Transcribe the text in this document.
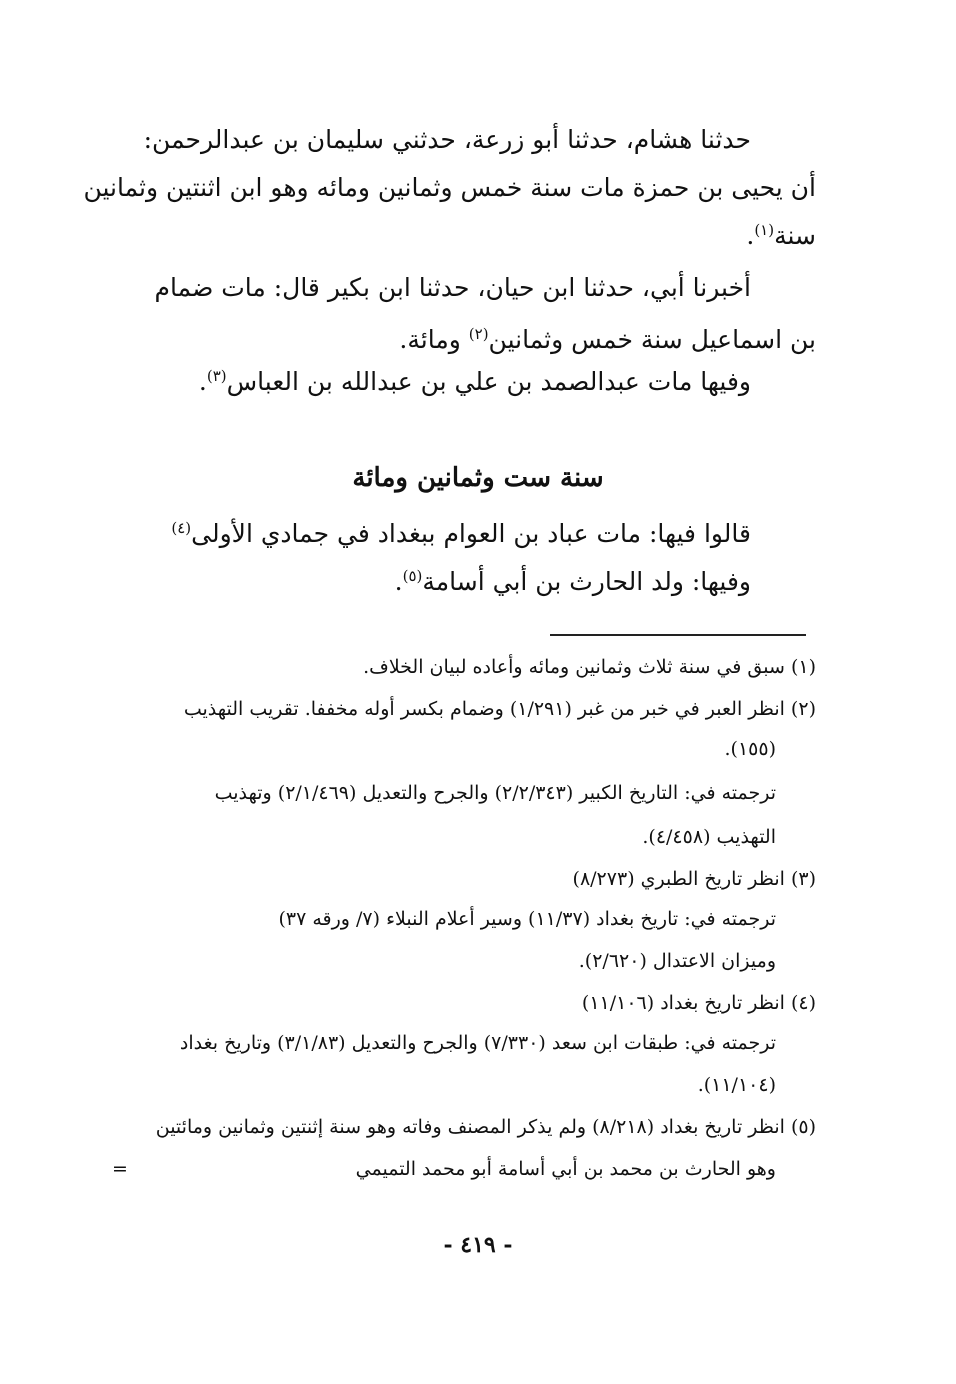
حدثنا هشام، حدثنا أبو زرعة، حدثني سليمان بن عبدالرحمن:
أن يحيى بن حمزة مات سنة خمس وثمانين ومائه وهو ابن اثنتين وثمانين
سنة$^{(١)}$.
أخبرنا أبي، حدثنا ابن حيان، حدثنا ابن بكير قال: مات ضمام
بن اسماعيل سنة خمس وثمانين$^{(٢)}$ ومائة.
وفيها مات عبدالصمد بن علي بن عبدالله بن العباس$^{(٣)}$.
سنة ست وثمانين ومائة
قالوا فيها: مات عباد بن العوام ببغداد في جمادي الأولى$^{(٤)}$
وفيها: ولد الحارث بن أبي أسامة$^{(٥)}$.
(١) سبق في سنة ثلاث وثمانين ومائه وأعاده لبيان الخلاف.
(٢) انظر العبر في خبر من غبر (١/٢٩١) وضمام بكسر أوله مخففا. تقريب التهذيب
(١٥٥).
ترجمته في: التاريخ الكبير (٢/٢/٣٤٣) والجرح والتعديل (٢/١/٤٦٩) وتهذيب
التهذيب (٤/٤٥٨).
(٣) انظر تاريخ الطبري (٨/٢٧٣)
ترجمته في: تاريخ بغداد (١١/٣٧) وسير أعلام النبلاء (٧/ ورقه ٣٧)
وميزان الاعتدال (٢/٦٢٠).
(٤) انظر تاريخ بغداد (١١/١٠٦)
ترجمته في: طبقات ابن سعد (٧/٣٣٠) والجرح والتعديل (٣/١/٨٣) وتاريخ بغداد
(١١/١٠٤).
(٥) انظر تاريخ بغداد (٨/٢١٨) ولم يذكر المصنف وفاته وهو سنة إثنتين وثمانين ومائتين
وهو الحارث بن محمد بن أبي أسامة أبو محمد التميمي
=
- ٤١٩ -
